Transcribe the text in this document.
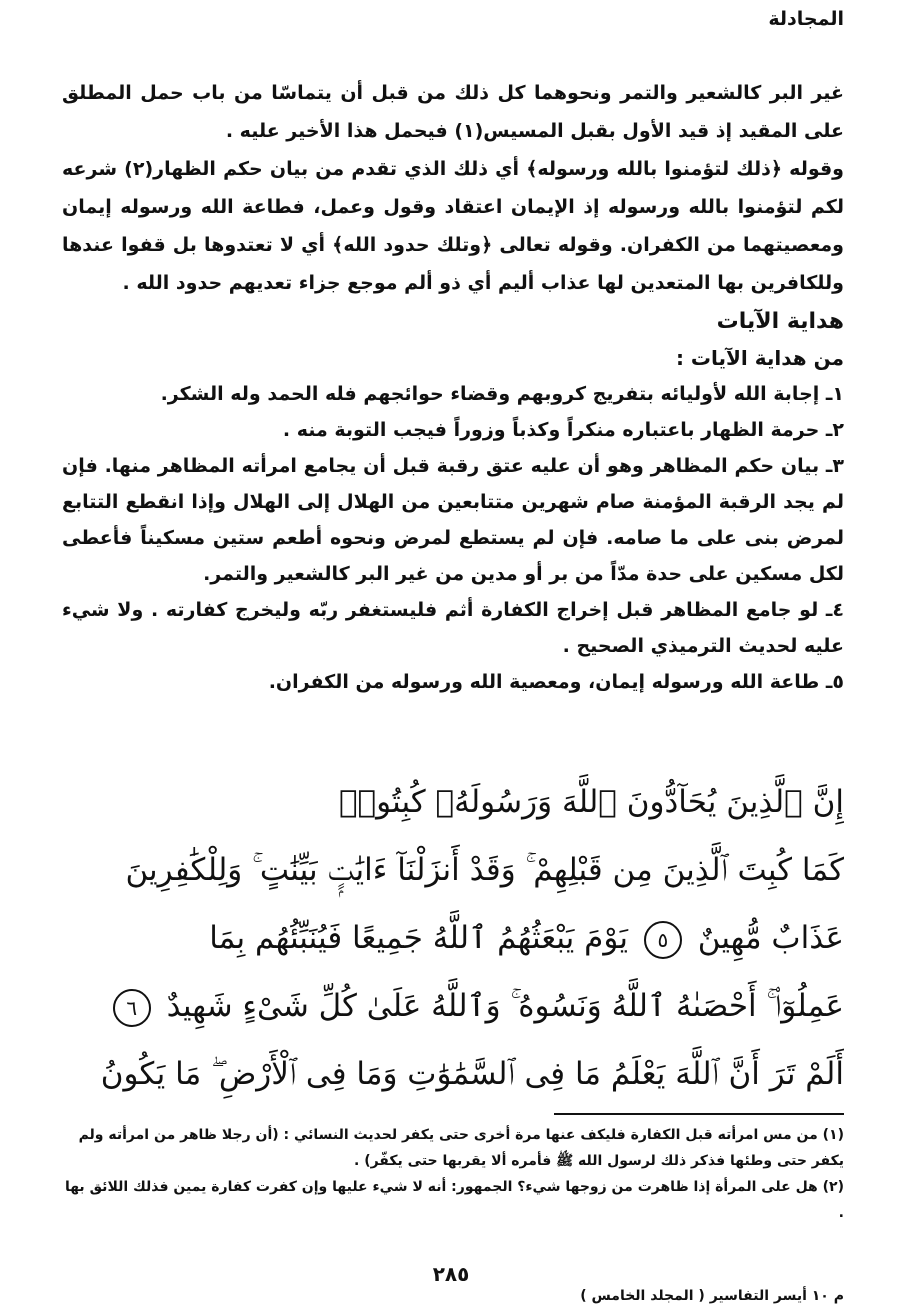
المجادلة

غير البر كالشعير والتمر ونحوهما كل ذلك من قبل أن يتماسّا من باب حمل المطلق على المقيد إذ قيد الأول بقبل المسيس(١) فيحمل هذا الأخير عليه .

وقوله ﴿ذلك لتؤمنوا بالله ورسوله﴾ أي ذلك الذي تقدم من بيان حكم الظهار(٢) شرعه لكم لتؤمنوا بالله ورسوله إذ الإيمان اعتقاد وقول وعمل، فطاعة الله ورسوله إيمان ومعصيتهما من الكفران. وقوله تعالى ﴿وتلك حدود الله﴾ أي لا تعتدوها بل قفوا عندها وللكافرين بها المتعدين لها عذاب أليم أي ذو ألم موجع جزاء تعديهم حدود الله .

هداية الآيات

من هداية الآيات :

١ـ إجابة الله لأوليائه بتفريج كروبهم وقضاء حوائجهم فله الحمد وله الشكر.

٢ـ حرمة الظهار باعتباره منكراً وكذباً وزوراً فيجب التوبة منه .

٣ـ بيان حكم المظاهر وهو أن عليه عتق رقبة قبل أن يجامع امرأته المظاهر منها. فإن لم يجد الرقبة المؤمنة صام شهرين متتابعين من الهلال إلى الهلال وإذا انقطع التتابع لمرض بنى على ما صامه. فإن لم يستطع لمرض ونحوه أطعم ستين مسكيناً فأعطى لكل مسكين على حدة مدّاً من بر أو مدين من غير البر كالشعير والتمر.

٤ـ لو جامع المظاهر قبل إخراج الكفارة أثم فليستغفر ربّه وليخرج كفارته . ولا شيء عليه لحديث الترميذي الصحيح .

٥ـ طاعة الله ورسوله إيمان، ومعصية الله ورسوله من الكفران.

إِنَّ ٱلَّذِينَ يُحَآدُّونَ ٱللَّهَ وَرَسُولَهُۥ كُبِتُوا۟
كَمَا كُبِتَ ٱلَّذِينَ مِن قَبْلِهِمْ ۚ وَقَدْ أَنزَلْنَآ ءَايَٰتٍۭ بَيِّنَٰتٍ ۚ وَلِلْكَٰفِرِينَ
عَذَابٌ مُّهِينٌ ٥ يَوْمَ يَبْعَثُهُمُ ٱللَّهُ جَمِيعًا فَيُنَبِّئُهُم بِمَا
عَمِلُوٓا۟ ۚ أَحْصَىٰهُ ٱللَّهُ وَنَسُوهُ ۚ وَٱللَّهُ عَلَىٰ كُلِّ شَىْءٍ شَهِيدٌ ٦
أَلَمْ تَرَ أَنَّ ٱللَّهَ يَعْلَمُ مَا فِى ٱلسَّمَٰوَٰتِ وَمَا فِى ٱلْأَرْضِ ۖ مَا يَكُونُ

(١) من مس امرأته قبل الكفارة فليكف عنها مرة أخرى حتى يكفر لحديث النسائي : (أن رجلا ظاهر من امرأته ولم يكفر حتى وطئها فذكر ذلك لرسول الله ﷺ فأمره ألا يقربها حتى يكفّر) .

(٢) هل على المرأة إذا ظاهرت من زوجها شيء؟ الجمهور: أنه لا شيء عليها وإن كفرت كفارة يمين فذلك اللائق بها .

٢٨٥
م ١٠ أيسر التفاسير ( المجلد الخامس )
